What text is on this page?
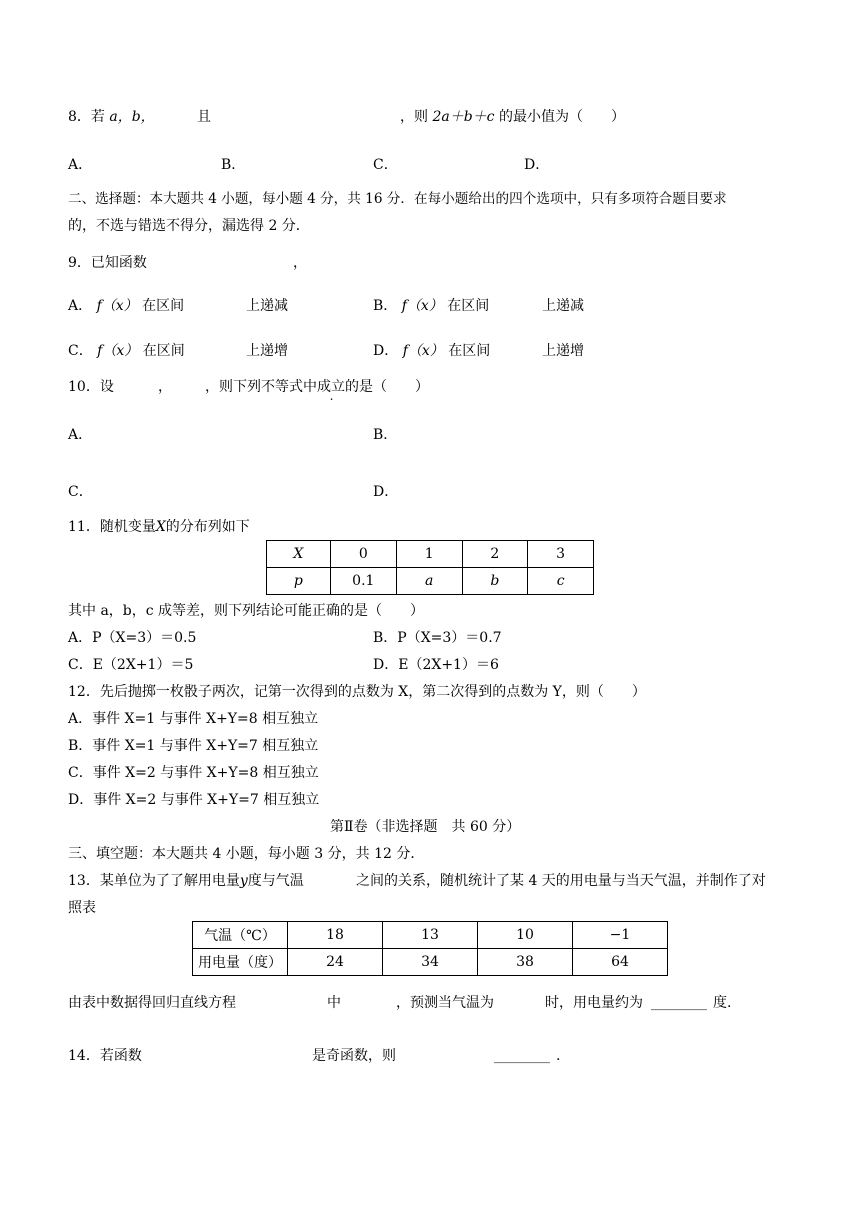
8．若 a，b，	且	，则 2a＋b＋c 的最小值为（　　）
A．	B．	C．	D．
二、选择题：本大题共 4 小题，每小题 4 分，共 16 分．在每小题给出的四个选项中，只有多项符合题目要求
的，不选与错选不得分，漏选得 2 分．
9．已知函数	，
A． f（x） 在区间	上递减	B． f（x） 在区间	上递减
C． f（x） 在区间	上递增	D． f（x） 在区间	上递增
10．设	， ，则下列不等式中成立的是（　　）
A．	B．
C．	D．
11．随机变量X的分布列如下
X	0	1	2	3
p	0.1	a	b	c
其中 a，b，c 成等差，则下列结论可能正确的是（　　）
A．P（X=3）＝0.5	B．P（X=3）＝0.7
C．E（2X+1）＝5	D．E（2X+1）＝6
12．先后抛掷一枚骰子两次，记第一次得到的点数为 X，第二次得到的点数为 Y，则（　　）
A．事件 X=1 与事件 X+Y=8 相互独立
B．事件 X=1 与事件 X+Y=7 相互独立
C．事件 X=2 与事件 X+Y=8 相互独立
D．事件 X=2 与事件 X+Y=7 相互独立
第Ⅱ卷（非选择题　共 60 分）
三、填空题：本大题共 4 小题，每小题 3 分，共 12 分．
13．某单位为了了解用电量y度与气温	之间的关系，随机统计了某 4 天的用电量与当天气温，并制作了对
照表
气温（℃）	18	13	10	−1
用电量（度）	24	34	38	64
由表中数据得回归直线方程	中	，预测当气温为	时，用电量约为 ________ 度.
14．若函数	是奇函数，则	________ .
